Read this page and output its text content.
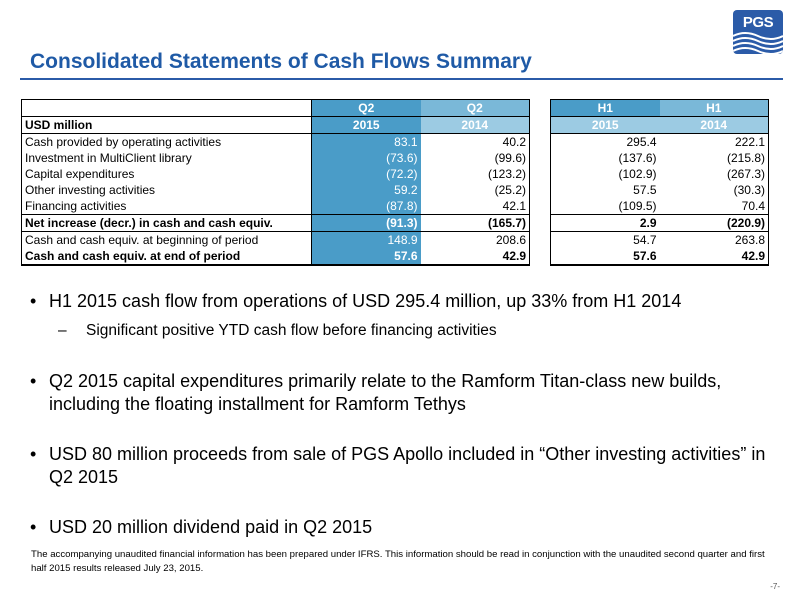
PGS
Consolidated Statements of Cash Flows Summary
	Q2	Q2		H1	H1
USD million	2015	2014		2015	2014
Cash provided by operating activities	83.1	40.2		295.4	222.1
Investment in MultiClient library	(73.6)	(99.6)		(137.6)	(215.8)
Capital expenditures	(72.2)	(123.2)		(102.9)	(267.3)
Other investing activities	59.2	(25.2)		57.5	(30.3)
Financing activities	(87.8)	42.1		(109.5)	70.4
Net increase (decr.) in cash and cash equiv.	(91.3)	(165.7)		2.9	(220.9)
Cash and cash equiv. at beginning of period	148.9	208.6		54.7	263.8
Cash and cash equiv. at end of period	57.6	42.9		57.6	42.9
• H1 2015 cash flow from operations of USD 295.4 million, up 33% from H1 2014
– Significant positive YTD cash flow before financing activities
• Q2 2015 capital expenditures primarily relate to the Ramform Titan-class new builds, including the floating installment for Ramform Tethys
• USD 80 million proceeds from sale of PGS Apollo included in “Other investing activities” in Q2 2015
• USD 20 million dividend paid in Q2 2015
The accompanying unaudited financial information has been prepared under IFRS. This information should be read in conjunction with the unaudited second quarter and first half 2015 results released July 23, 2015.
-7-
